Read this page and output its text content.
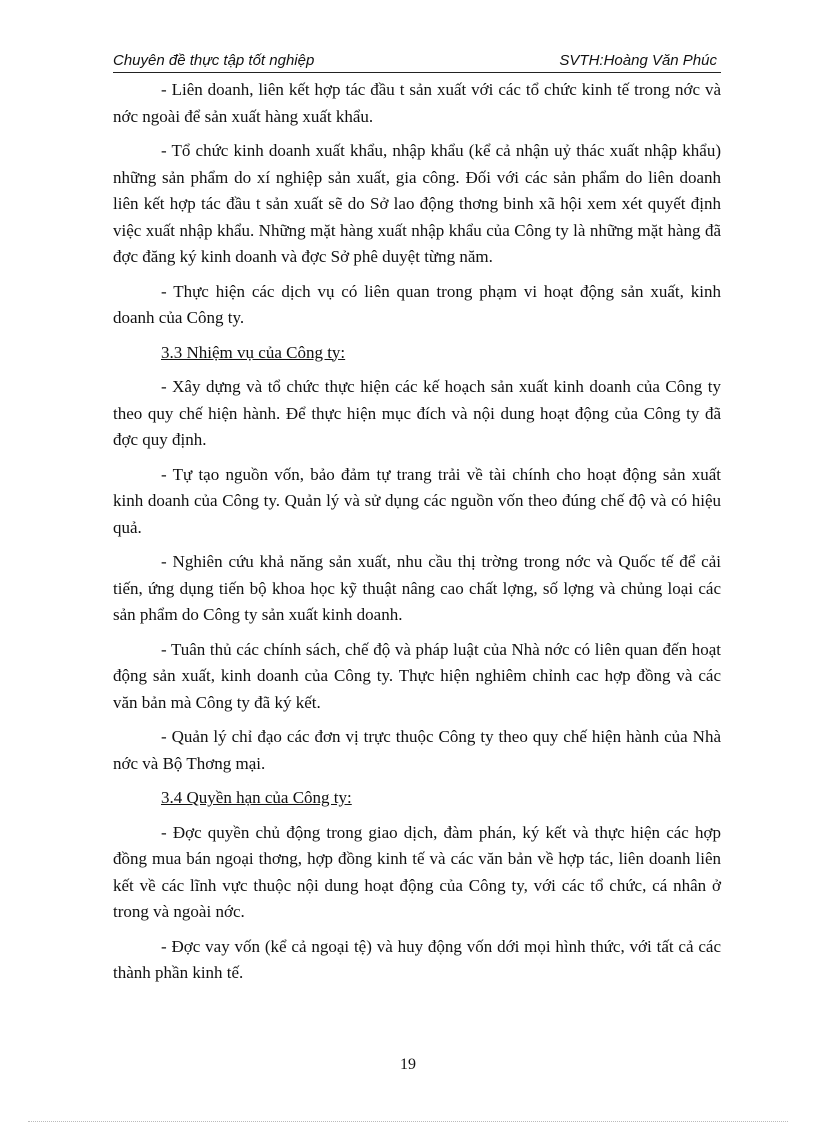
Chuyên đề thực tập tốt nghiệp	SVTH:Hoàng Văn Phúc

- Liên doanh, liên kết hợp tác đầu t sản xuất với các tổ chức kinh tế trong nớc và nớc ngoài để sản xuất hàng xuất khẩu.

- Tổ chức kinh doanh xuất khẩu, nhập khẩu (kể cả nhận uỷ thác xuất nhập khẩu) những sản phẩm do xí nghiệp sản xuất, gia công. Đối với các sản phẩm do liên doanh liên kết hợp tác đầu t sản xuất sẽ do Sở lao động thơng binh xã hội xem xét quyết định việc xuất nhập khẩu. Những mặt hàng xuất nhập khẩu của Công ty là những mặt hàng đã đợc đăng ký kinh doanh và đợc Sở phê duyệt từng năm.

- Thực hiện các dịch vụ có liên quan trong phạm vi hoạt động sản xuất, kinh doanh của Công ty.

3.3 Nhiệm vụ của Công ty:

- Xây dựng và tổ chức thực hiện các kế hoạch sản xuất kinh doanh của Công ty theo quy chế hiện hành. Để thực hiện mục đích và nội dung hoạt động của Công ty đã đợc quy định.

- Tự tạo nguồn vốn, bảo đảm tự trang trải về tài chính cho hoạt động sản xuất kinh doanh của Công ty. Quản lý và sử dụng các nguồn vốn theo đúng chế độ và có hiệu quả.

- Nghiên cứu khả năng sản xuất, nhu cầu thị trờng trong nớc và Quốc tế để cải tiến, ứng dụng tiến bộ khoa học kỹ thuật nâng cao chất lợng, số lợng và chủng loại các sản phẩm do Công ty sản xuất kinh doanh.

- Tuân thủ các chính sách, chế độ và pháp luật của Nhà nớc có liên quan đến hoạt động sản xuất, kinh doanh của Công ty. Thực hiện nghiêm chỉnh cac hợp đồng và các văn bản mà Công ty đã ký kết.

- Quản lý chỉ đạo các đơn vị trực thuộc Công ty theo quy chế hiện hành của Nhà nớc và Bộ Thơng mại.

3.4 Quyền hạn của Công ty:

- Đợc quyền chủ động trong giao dịch, đàm phán, ký kết và thực hiện các hợp đồng mua bán ngoại thơng, hợp đồng kinh tế và các văn bản về hợp tác, liên doanh liên kết về các lĩnh vực thuộc nội dung hoạt động của Công ty, với các tổ chức, cá nhân ở trong và ngoài nớc.

- Đợc vay vốn (kể cả ngoại tệ) và huy động vốn dới mọi hình thức, với tất cả các thành phần kinh tế.

19
